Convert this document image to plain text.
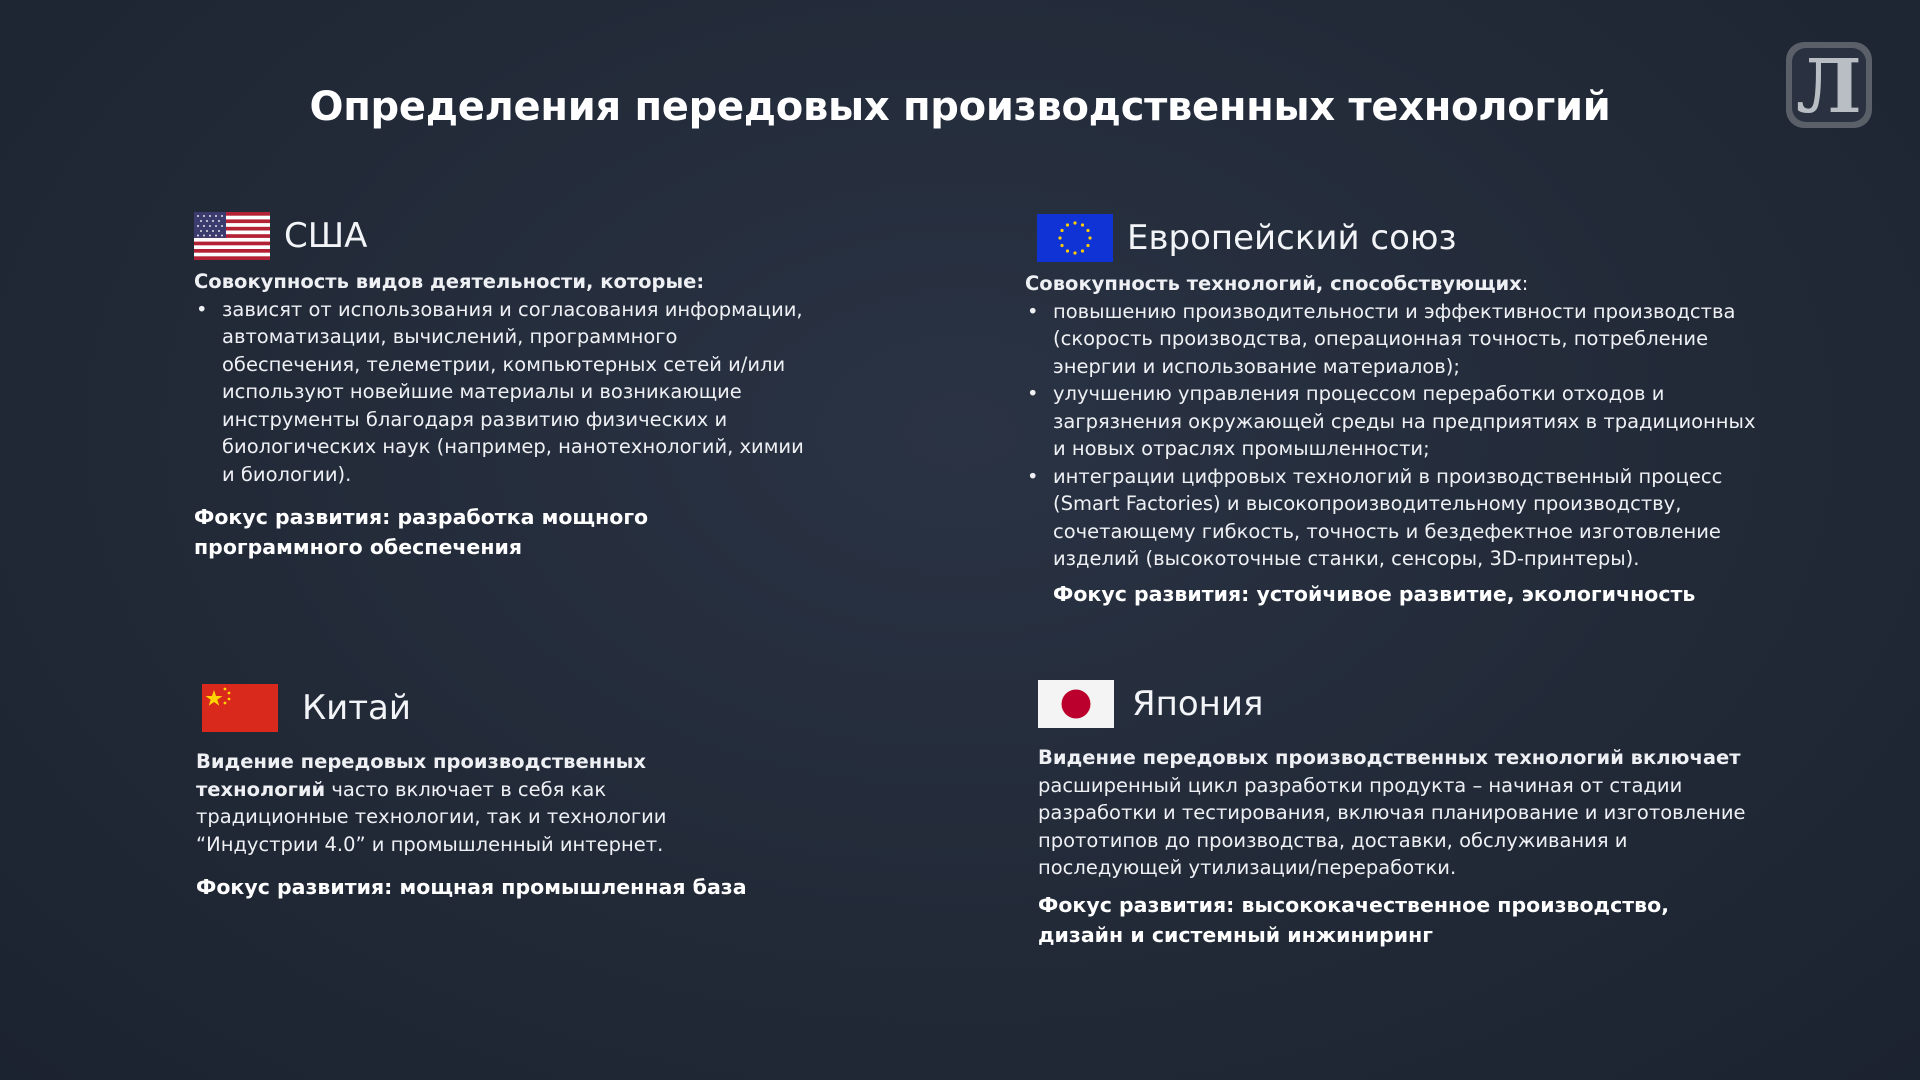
Определения передовых производственных технологий	Л
США
Совокупность видов деятельности, которые:
• зависят от использования и согласования информации, автоматизации, вычислений, программного обеспечения, телеметрии, компьютерных сетей и/или используют новейшие материалы и возникающие инструменты благодаря развитию физических и биологических наук (например, нанотехнологий, химии и биологии).
Фокус развития: разработка мощного программного обеспечения
Европейский союз
Совокупность технологий, способствующих:
• повышению производительности и эффективности производства (скорость производства, операционная точность, потребление энергии и использование материалов);
• улучшению управления процессом переработки отходов и загрязнения окружающей среды на предприятиях в традиционных и новых отраслях промышленности;
• интеграции цифровых технологий в производственный процесс (Smart Factories) и высокопроизводительному производству, сочетающему гибкость, точность и бездефектное изготовление изделий (высокоточные станки, сенсоры, 3D-принтеры).
Фокус развития: устойчивое развитие, экологичность
Китай
Видение передовых производственных технологий часто включает в себя как традиционные технологии, так и технологии “Индустрии 4.0” и промышленный интернет.
Фокус развития: мощная промышленная база
Япония
Видение передовых производственных технологий включает расширенный цикл разработки продукта – начиная от стадии разработки и тестирования, включая планирование и изготовление прототипов до производства, доставки, обслуживания и последующей утилизации/переработки.
Фокус развития: высококачественное производство, дизайн и системный инжиниринг
